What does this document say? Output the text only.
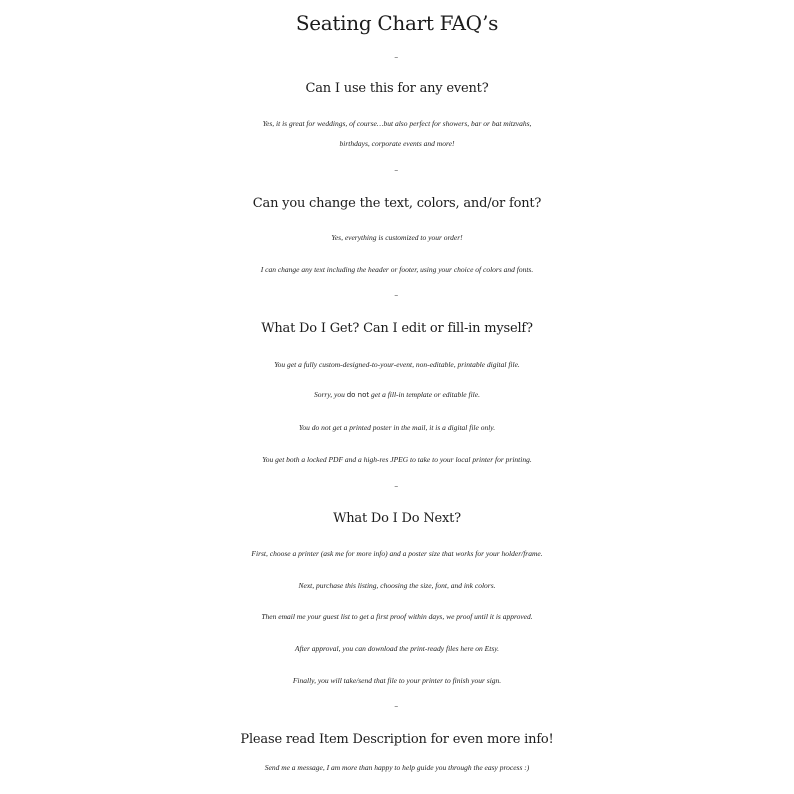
Seating Chart FAQ’s
Can I use this for any event?
Yes, it is great for weddings, of course…but also perfect for showers, bar or bat mitzvahs,
birthdays, corporate events and more!
Can you change the text, colors, and/or font?
Yes, everything is customized to your order!
I can change any text including the header or footer, using your choice of colors and fonts.
What Do I Get? Can I edit or fill-in myself?
You get a fully custom-designed-to-your-event, non-editable, printable digital file.
Sorry, you do not get a fill-in template or editable file.
You do not get a printed poster in the mail, it is a digital file only.
You get both a locked PDF and a high-res JPEG to take to your local printer for printing.
What Do I Do Next?
First, choose a printer (ask me for more info) and a poster size that works for your holder/frame.
Next, purchase this listing, choosing the size, font, and ink colors.
Then email me your guest list to get a first proof within days, we proof until it is approved.
After approval, you can download the print-ready files here on Etsy.
Finally, you will take/send that file to your printer to finish your sign.
Please read Item Description for even more info!
Send me a message, I am more than happy to help guide you through the easy process :)
